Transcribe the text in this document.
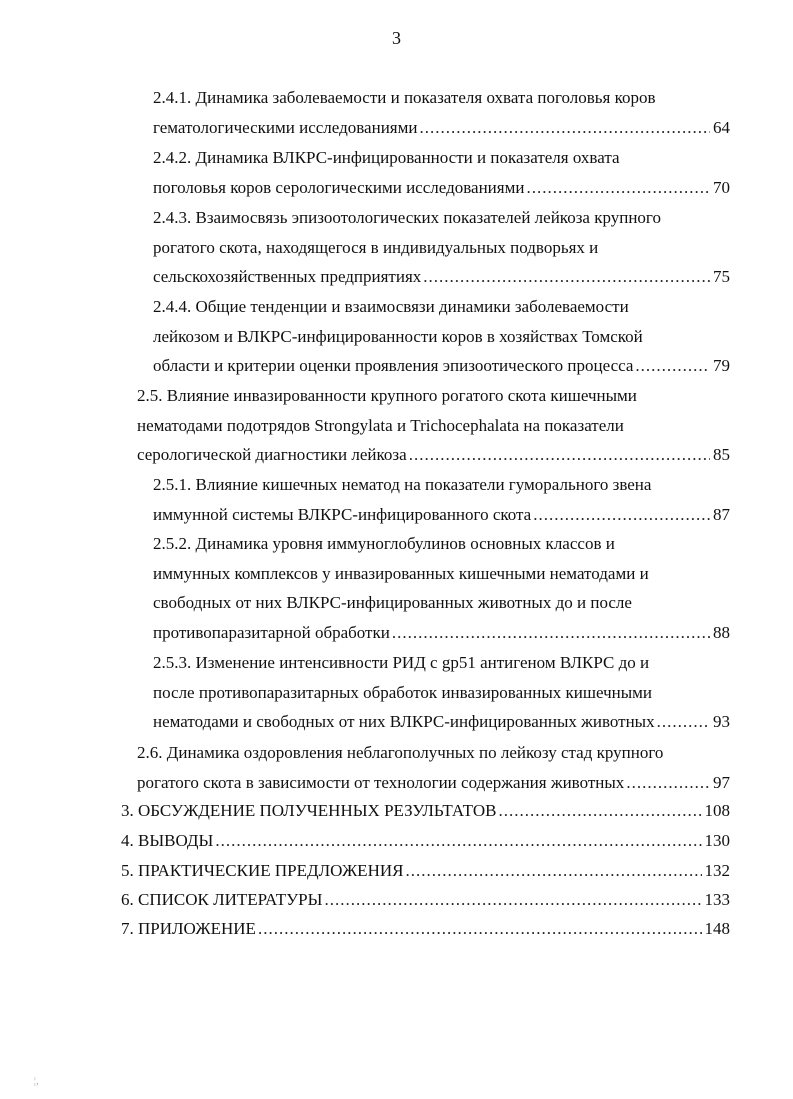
3
2.4.1. Динамика заболеваемости и показателя охвата поголовья коров
гематологическими исследованиями .....	64
2.4.2. Динамика ВЛКРС-инфицированности и показателя охвата
поголовья коров серологическими исследованиями .....	70
2.4.3. Взаимосвязь эпизоотологических показателей лейкоза крупного
рогатого скота, находящегося в индивидуальных подворьях и
сельскохозяйственных предприятиях .....	75
2.4.4. Общие тенденции и взаимосвязи динамики заболеваемости
лейкозом и ВЛКРС-инфицированности коров в хозяйствах Томской
области и критерии оценки проявления эпизоотического процесса .....	79
2.5. Влияние инвазированности крупного рогатого скота кишечными
нематодами подотрядов Strongylata и Trichocephalata на показатели
серологической диагностики лейкоза .....	85
2.5.1. Влияние кишечных нематод на показатели гуморального звена
иммунной системы ВЛКРС-инфицированного скота .....	87
2.5.2. Динамика уровня иммуноглобулинов основных классов и
иммунных комплексов у инвазированных кишечными нематодами и
свободных от них ВЛКРС-инфицированных животных до и после
противопаразитарной обработки .....	88
2.5.3. Изменение интенсивности РИД с gp51 антигеном ВЛКРС до и
после противопаразитарных обработок инвазированных кишечными
нематодами и свободных от них ВЛКРС-инфицированных животных .....	93
2.6. Динамика оздоровления неблагополучных по лейкозу стад крупного
рогатого скота в зависимости от технологии содержания животных .....	97
3. ОБСУЖДЕНИЕ ПОЛУЧЕННЫХ РЕЗУЛЬТАТОВ .....	108
4. ВЫВОДЫ .....	130
5. ПРАКТИЧЕСКИЕ ПРЕДЛОЖЕНИЯ .....	132
6. СПИСОК ЛИТЕРАТУРЫ .....	133
7. ПРИЛОЖЕНИЕ .....	148
¦‚
